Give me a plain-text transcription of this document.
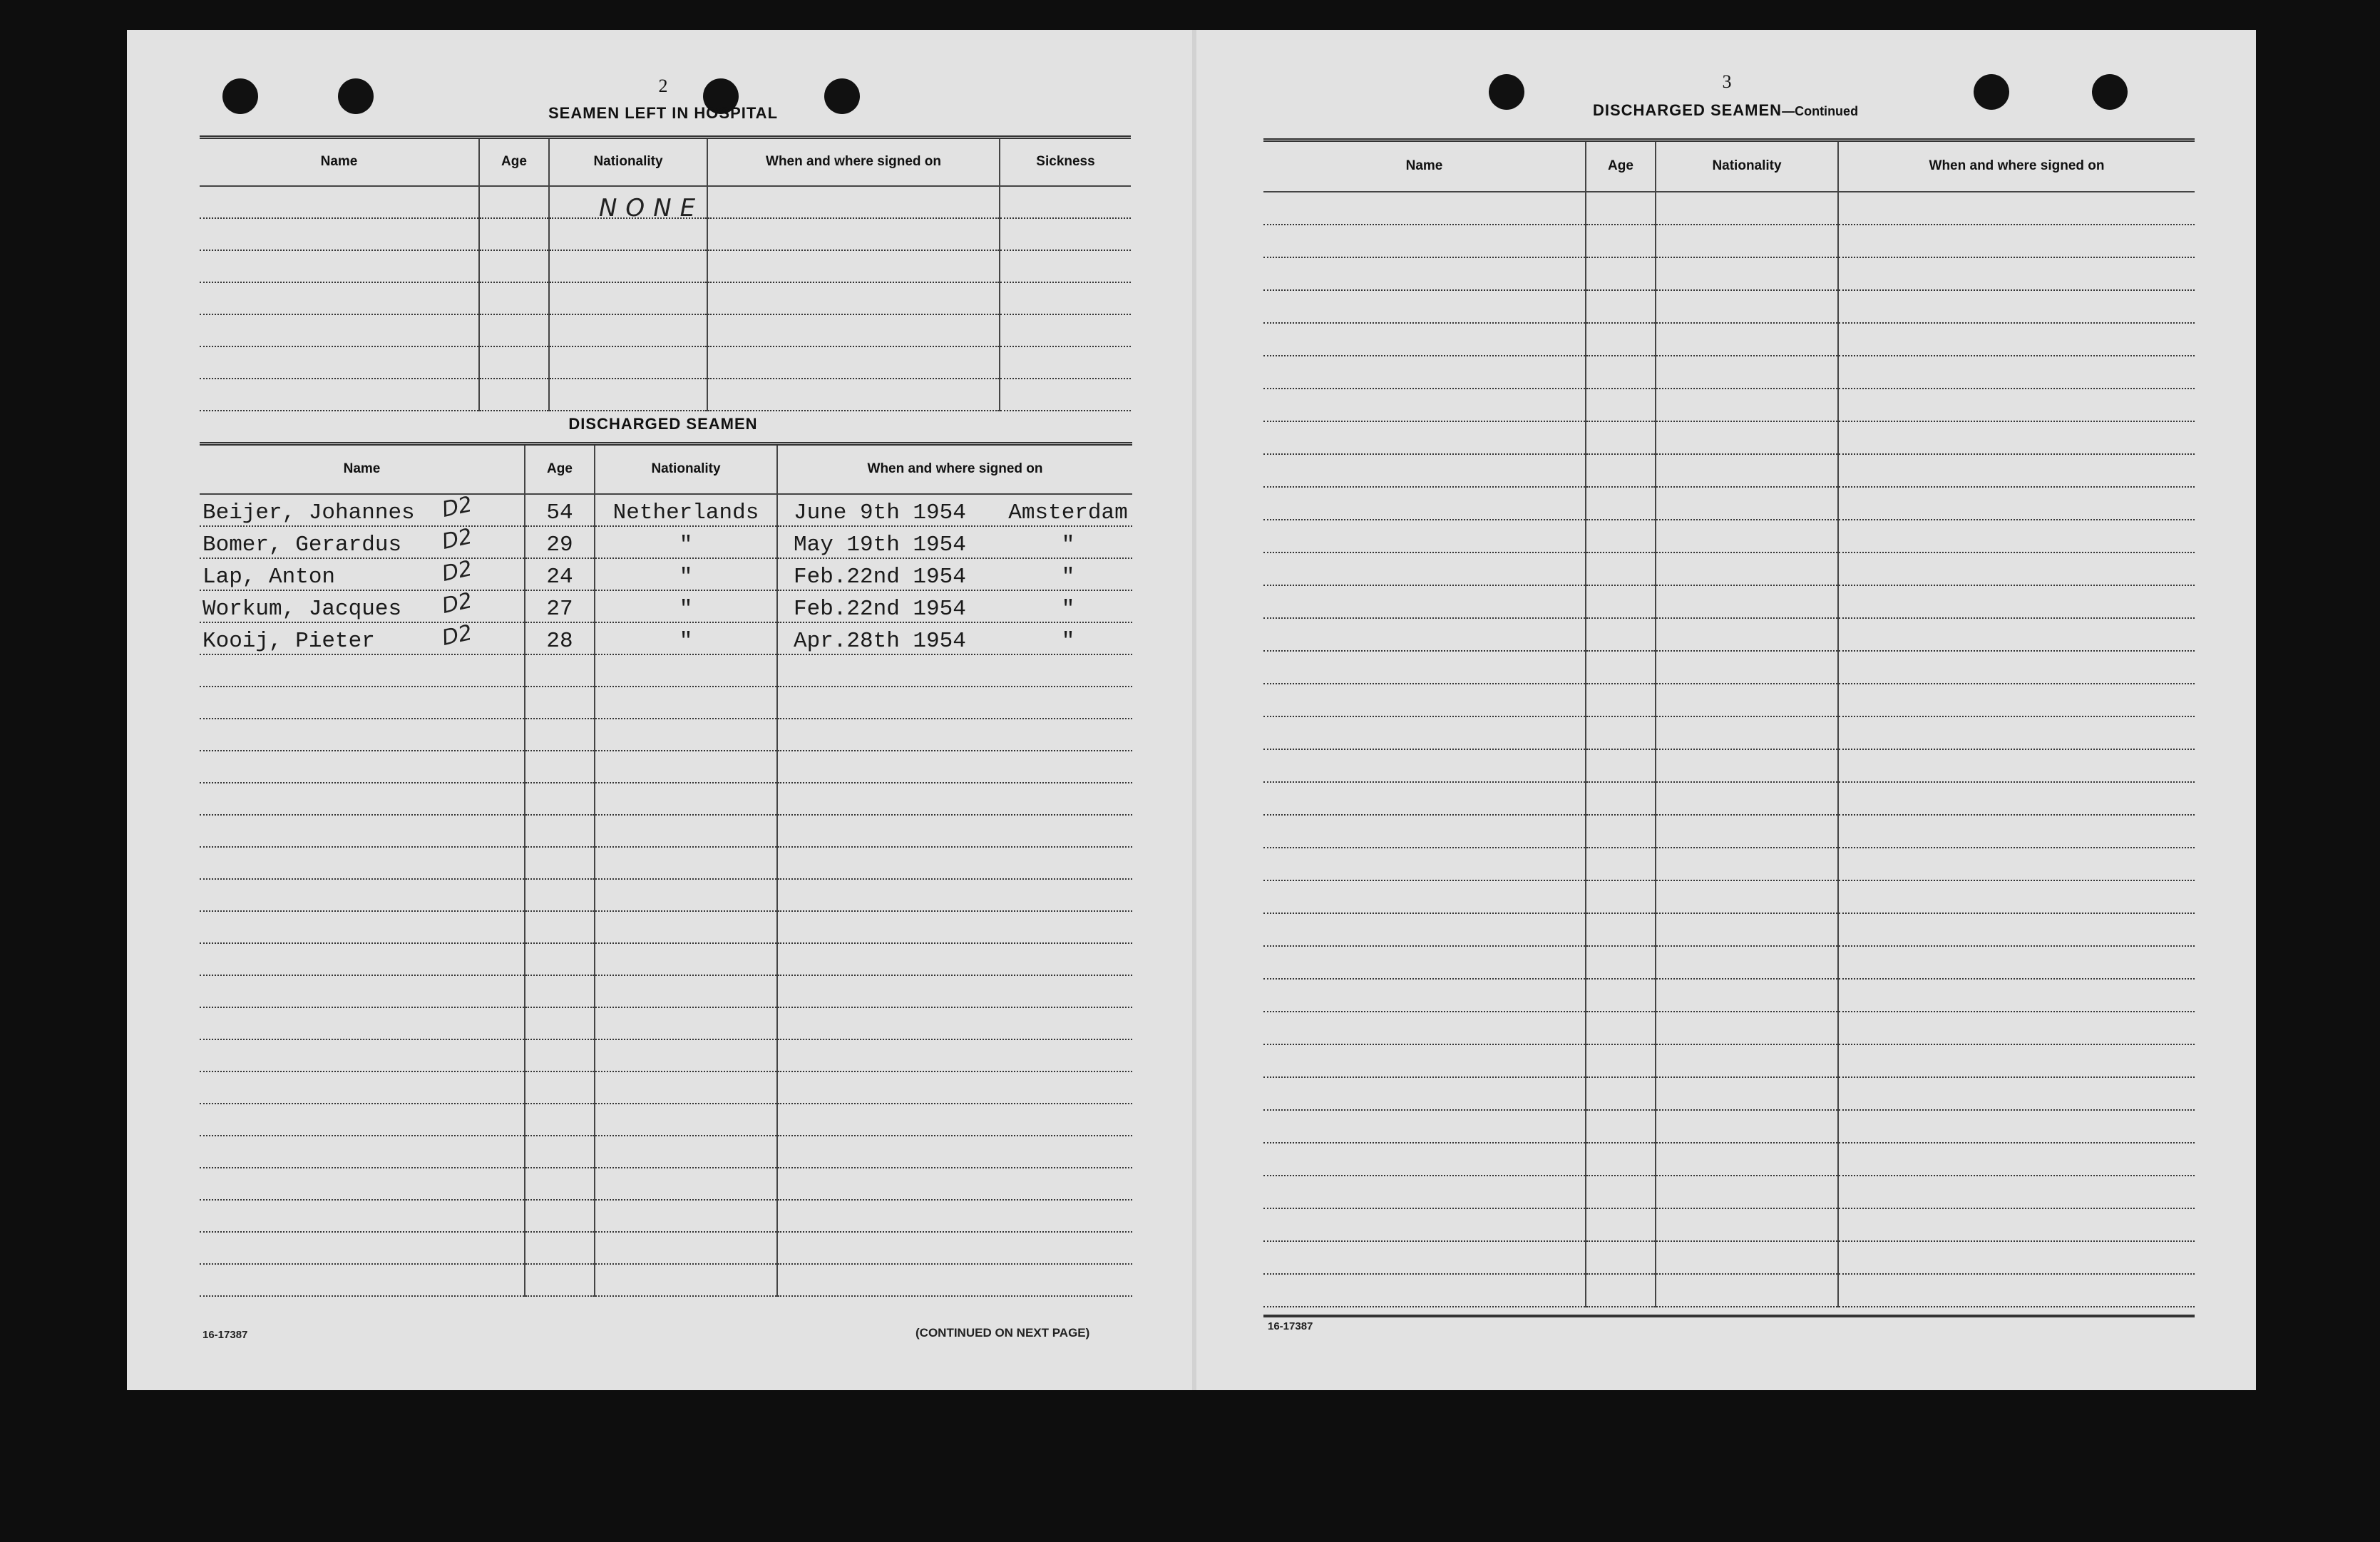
2
SEAMEN LEFT IN HOSPITAL
Name	Age	Nationality	When and where signed on	Sickness

NONE
DISCHARGED SEAMEN
Name	Age	Nationality	When and where signed on
Beijer, Johannes D2	54	Netherlands	June 9th 1954 Amsterdam
Bomer, Gerardus D2	29	"	May 19th 1954 "
Lap, Anton D2	24	"	Feb.22nd 1954 "
Workum, Jacques D2	27	"	Feb.22nd 1954 "
Kooij, Pieter D2	28	"	Apr.28th 1954 "

16-17387	(CONTINUED ON NEXT PAGE)
3
DISCHARGED SEAMEN—Continued
Name	Age	Nationality	When and where signed on

16-17387
